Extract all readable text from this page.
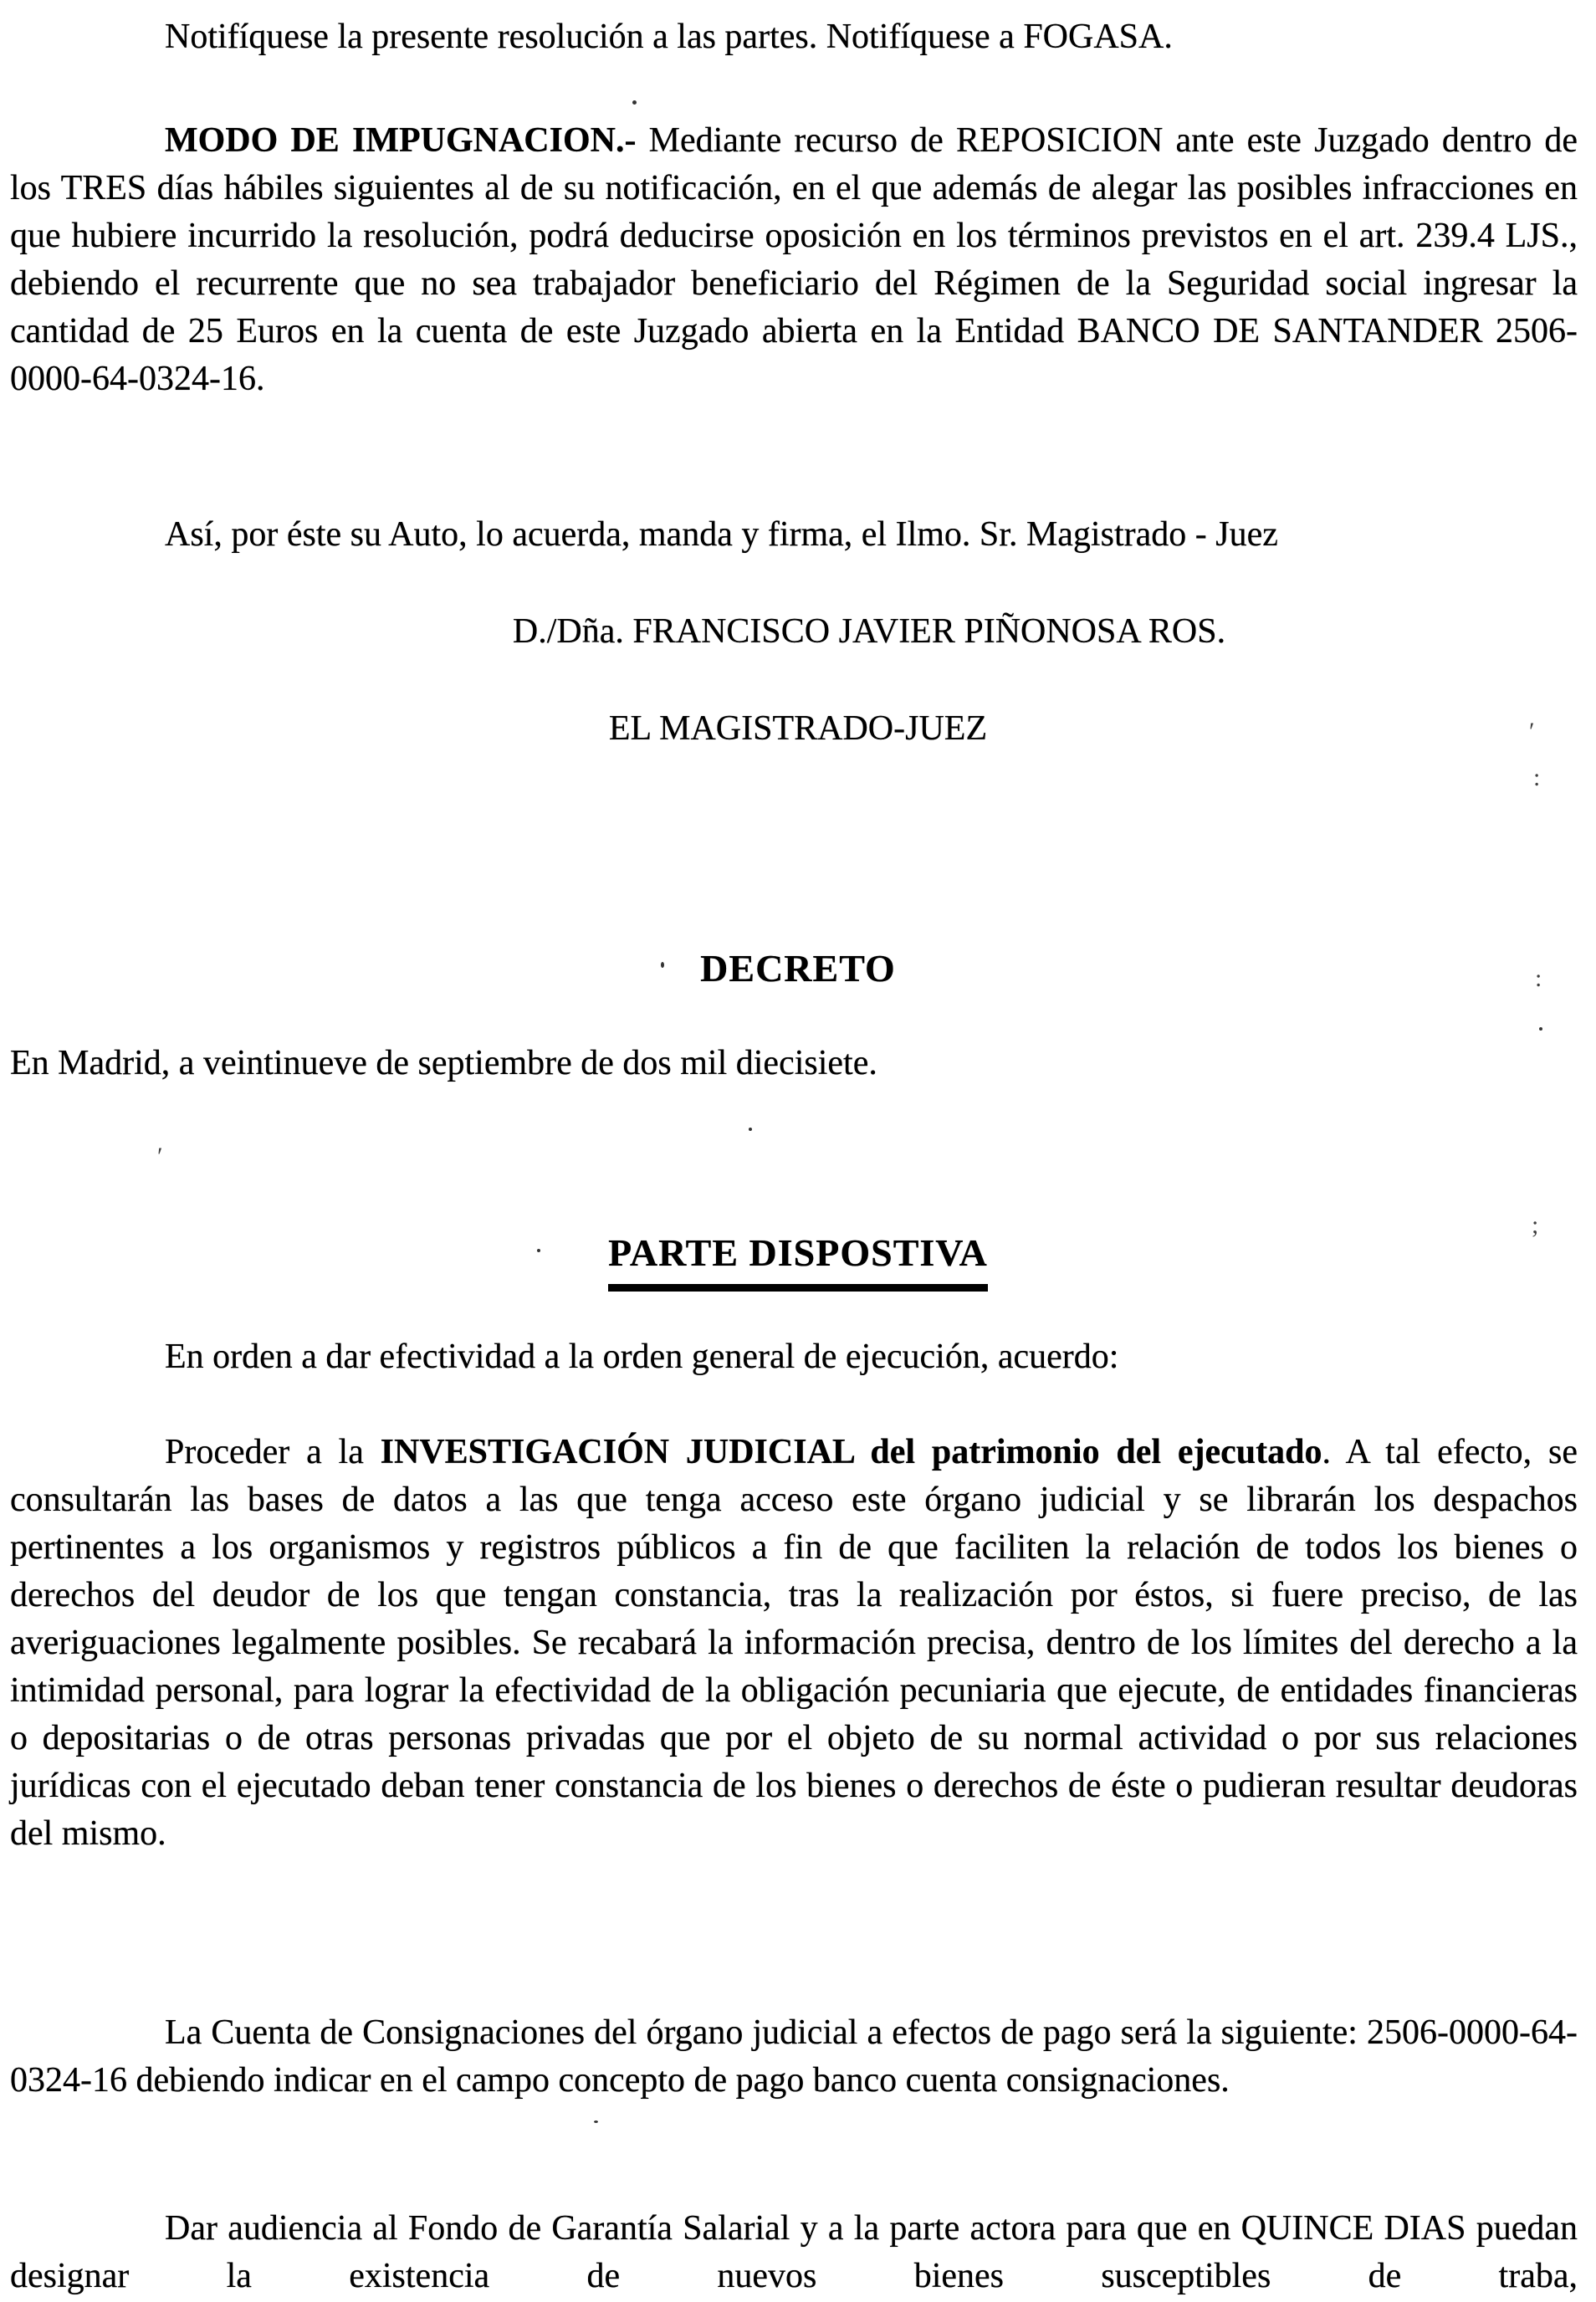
Notifíquese la presente resolución a las partes. Notifíquese a FOGASA.

MODO DE IMPUGNACION.- Mediante recurso de REPOSICION ante este Juzgado dentro de los TRES días hábiles siguientes al de su notificación, en el que además de alegar las posibles infracciones en que hubiere incurrido la resolución, podrá deducirse oposición en los términos previstos en el art. 239.4 LJS., debiendo el recurrente que no sea trabajador beneficiario del Régimen de la Seguridad social ingresar la cantidad de 25 Euros en la cuenta de este Juzgado abierta en la Entidad BANCO DE SANTANDER 2506-0000-64-0324-16.

Así, por éste su Auto, lo acuerda, manda y firma, el Ilmo. Sr. Magistrado - Juez

D./Dña. FRANCISCO JAVIER PIÑONOSA ROS.

EL MAGISTRADO-JUEZ

DECRETO

En Madrid, a veintinueve de septiembre de dos mil diecisiete.

PARTE DISPOSTIVA

En orden a dar efectividad a la orden general de ejecución, acuerdo:

Proceder a la INVESTIGACIÓN JUDICIAL del patrimonio del ejecutado. A tal efecto, se consultarán las bases de datos a las que tenga acceso este órgano judicial y se librarán los despachos pertinentes a los organismos y registros públicos a fin de que faciliten la relación de todos los bienes o derechos del deudor de los que tengan constancia, tras la realización por éstos, si fuere preciso, de las averiguaciones legalmente posibles. Se recabará la información precisa, dentro de los límites del derecho a la intimidad personal, para lograr la efectividad de la obligación pecuniaria que ejecute, de entidades financieras o depositarias o de otras personas privadas que por el objeto de su normal actividad o por sus relaciones jurídicas con el ejecutado deban tener constancia de los bienes o derechos de éste o pudieran resultar deudoras del mismo.

La Cuenta de Consignaciones del órgano judicial a efectos de pago será la siguiente: 2506-0000-64-0324-16 debiendo indicar en el campo concepto de pago banco cuenta consignaciones.

Dar audiencia al Fondo de Garantía Salarial y a la parte actora para que en QUINCE DIAS puedan designar la existencia de nuevos bienes susceptibles de traba,

′
:
:
′
;
